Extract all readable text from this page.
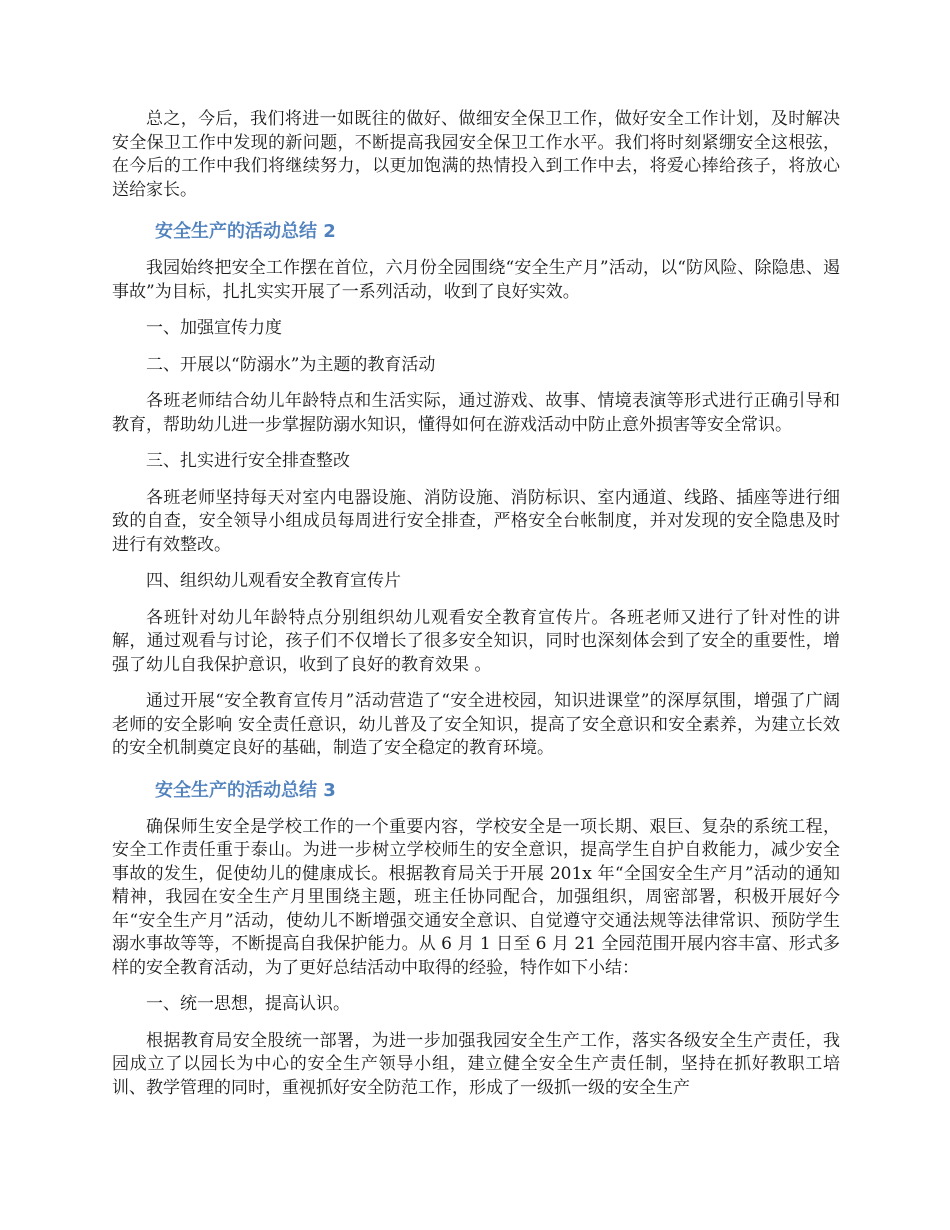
总之，今后，我们将进一如既往的做好、做细安全保卫工作，做好安全工作计划，及时解决安全保卫工作中发现的新问题，不断提高我园安全保卫工作水平。我们将时刻紧绷安全这根弦，在今后的工作中我们将继续努力，以更加饱满的热情投入到工作中去，将爱心捧给孩子，将放心送给家长。

安全生产的活动总结 2

我园始终把安全工作摆在首位，六月份全园围绕“安全生产月”活动，以“防风险、除隐患、遏事故”为目标，扎扎实实开展了一系列活动，收到了良好实效。

一、加强宣传力度

二、开展以“防溺水”为主题的教育活动

各班老师结合幼儿年龄特点和生活实际，通过游戏、故事、情境表演等形式进行正确引导和教育，帮助幼儿进一步掌握防溺水知识，懂得如何在游戏活动中防止意外损害等安全常识。

三、扎实进行安全排查整改

各班老师坚持每天对室内电器设施、消防设施、消防标识、室内通道、线路、插座等进行细致的自查，安全领导小组成员每周进行安全排查，严格安全台帐制度，并对发现的安全隐患及时进行有效整改。

四、组织幼儿观看安全教育宣传片

各班针对幼儿年龄特点分别组织幼儿观看安全教育宣传片。各班老师又进行了针对性的讲解，通过观看与讨论，孩子们不仅增长了很多安全知识，同时也深刻体会到了安全的重要性，增强了幼儿自我保护意识，收到了良好的教育效果 。

通过开展“安全教育宣传月”活动营造了“安全进校园，知识进课堂”的深厚氛围，增强了广阔老师的安全影响 安全责任意识，幼儿普及了安全知识，提高了安全意识和安全素养，为建立长效的安全机制奠定良好的基础，制造了安全稳定的教育环境。

安全生产的活动总结 3

确保师生安全是学校工作的一个重要内容，学校安全是一项长期、艰巨、复杂的系统工程，安全工作责任重于泰山。为进一步树立学校师生的安全意识，提高学生自护自救能力，减少安全事故的发生，促使幼儿的健康成长。根据教育局关于开展 201x 年“全国安全生产月”活动的通知精神，我园在安全生产月里围绕主题，班主任协同配合，加强组织，周密部署，积极开展好今年“安全生产月”活动，使幼儿不断增强交通安全意识、自觉遵守交通法规等法律常识、预防学生溺水事故等等，不断提高自我保护能力。从 6 月 1 日至 6 月 21 全园范围开展内容丰富、形式多样的安全教育活动，为了更好总结活动中取得的经验，特作如下小结：

一、统一思想，提高认识。

根据教育局安全股统一部署，为进一步加强我园安全生产工作，落实各级安全生产责任，我园成立了以园长为中心的安全生产领导小组，建立健全安全生产责任制，坚持在抓好教职工培训、教学管理的同时，重视抓好安全防范工作，形成了一级抓一级的安全生产
